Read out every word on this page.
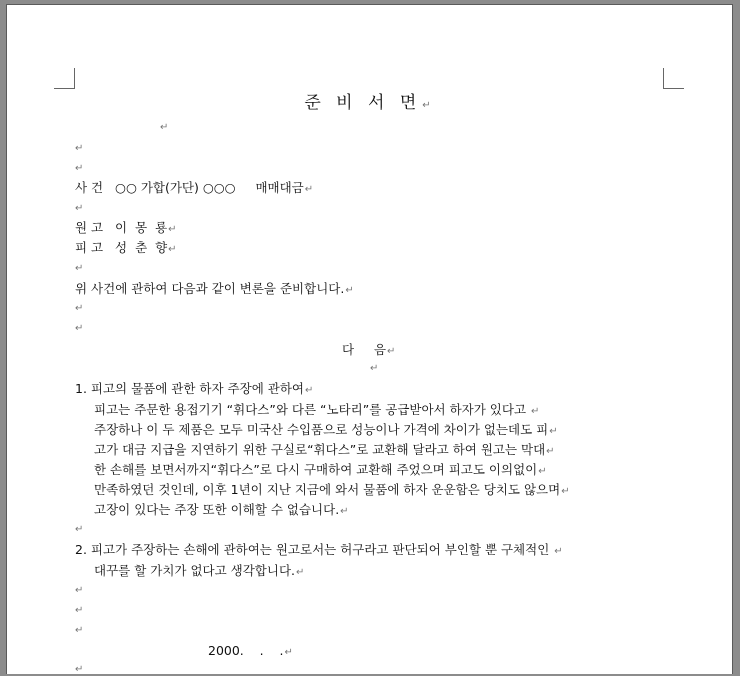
준 비 서 면↵
↵
↵
↵
사 건   ○○ 가합(가단) ○○○     매매대금↵
↵
원 고   이  몽  룡↵
피 고   성  춘  향↵
↵
위 사건에 관하여 다음과 같이 변론을 준비합니다.↵
↵
↵
다     음↵
↵
1. 피고의 물품에 관한 하자 주장에 관하여↵
피고는 주문한 용접기기 “휘다스”와 다른 “노타리”를 공급받아서 하자가 있다고 ↵
주장하나 이 두 제품은 모두 미국산 수입품으로 성능이나 가격에 차이가 없는데도 피↵
고가 대금 지급을 지연하기 위한 구실로“휘다스”로 교환해 달라고 하여 원고는 막대↵
한 손해를 보면서까지“휘다스”로 다시 구매하여 교환해 주었으며 피고도 이의없이↵
만족하였던 것인데, 이후 1년이 지난 지금에 와서 물품에 하자 운운함은 당치도 않으며↵
고장이 있다는 주장 또한 이해할 수 없습니다.↵
↵
2. 피고가 주장하는 손해에 관하여는 원고로서는 허구라고 판단되어 부인할 뿐 구체적인 ↵
대꾸를 할 가치가 없다고 생각합니다.↵
↵
↵
↵
2000.    .    .↵
↵
